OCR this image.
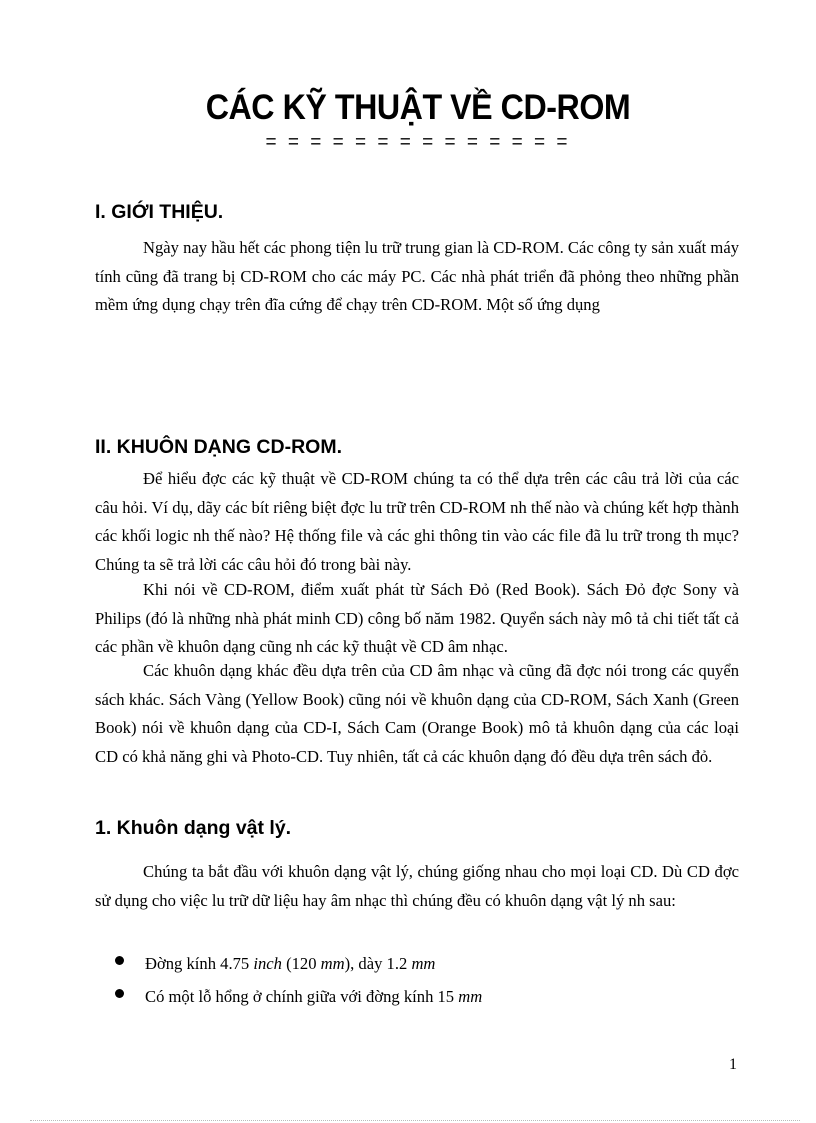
CÁC KỸ THUẬT VỀ CD-ROM
= = = = = = = = = = = = = =
I. GIỚI THIỆU.

Ngày nay hầu hết các phong tiện lu trữ trung gian là CD-ROM. Các công ty sản xuất máy tính cũng đã trang bị CD-ROM cho các máy PC. Các nhà phát triển đã phỏng theo những phần mềm ứng dụng chạy trên đĩa cứng để chạy trên CD-ROM. Một số ứng dụng

II. KHUÔN DẠNG CD-ROM.

Để hiểu đợc các kỹ thuật về CD-ROM chúng ta có thể dựa trên các câu trả lời của các câu hỏi. Ví dụ, dãy các bít riêng biệt đợc lu trữ trên CD-ROM nh thế nào và chúng kết hợp thành các khối logic nh thế nào? Hệ thống file và các ghi thông tin vào các file đã lu trữ trong th mục? Chúng ta sẽ trả lời các câu hỏi đó trong bài này.

Khi nói về CD-ROM, điểm xuất phát từ Sách Đỏ (Red Book). Sách Đỏ đợc Sony và Philips (đó là những nhà phát minh CD) công bố năm 1982. Quyển sách này mô tả chi tiết tất cả các phần về khuôn dạng cũng nh các kỹ thuật về CD âm nhạc.

Các khuôn dạng khác đều dựa trên của CD âm nhạc và cũng đã đợc nói trong các quyển sách khác. Sách Vàng (Yellow Book) cũng nói về khuôn dạng của CD-ROM, Sách Xanh (Green Book) nói về khuôn dạng của CD-I, Sách Cam (Orange Book) mô tả khuôn dạng của các loại CD có khả năng ghi và Photo-CD. Tuy nhiên, tất cả các khuôn dạng đó đều dựa trên sách đỏ.

1. Khuôn dạng vật lý.

Chúng ta bắt đầu với khuôn dạng vật lý, chúng giống nhau cho mọi loại CD. Dù CD đợc sử dụng cho việc lu trữ dữ liệu hay âm nhạc thì chúng đều có khuôn dạng vật lý nh sau:

Đờng kính 4.75 inch (120 mm), dày 1.2 mm
Có một lỗ hổng ở chính giữa với đờng kính 15 mm
1
